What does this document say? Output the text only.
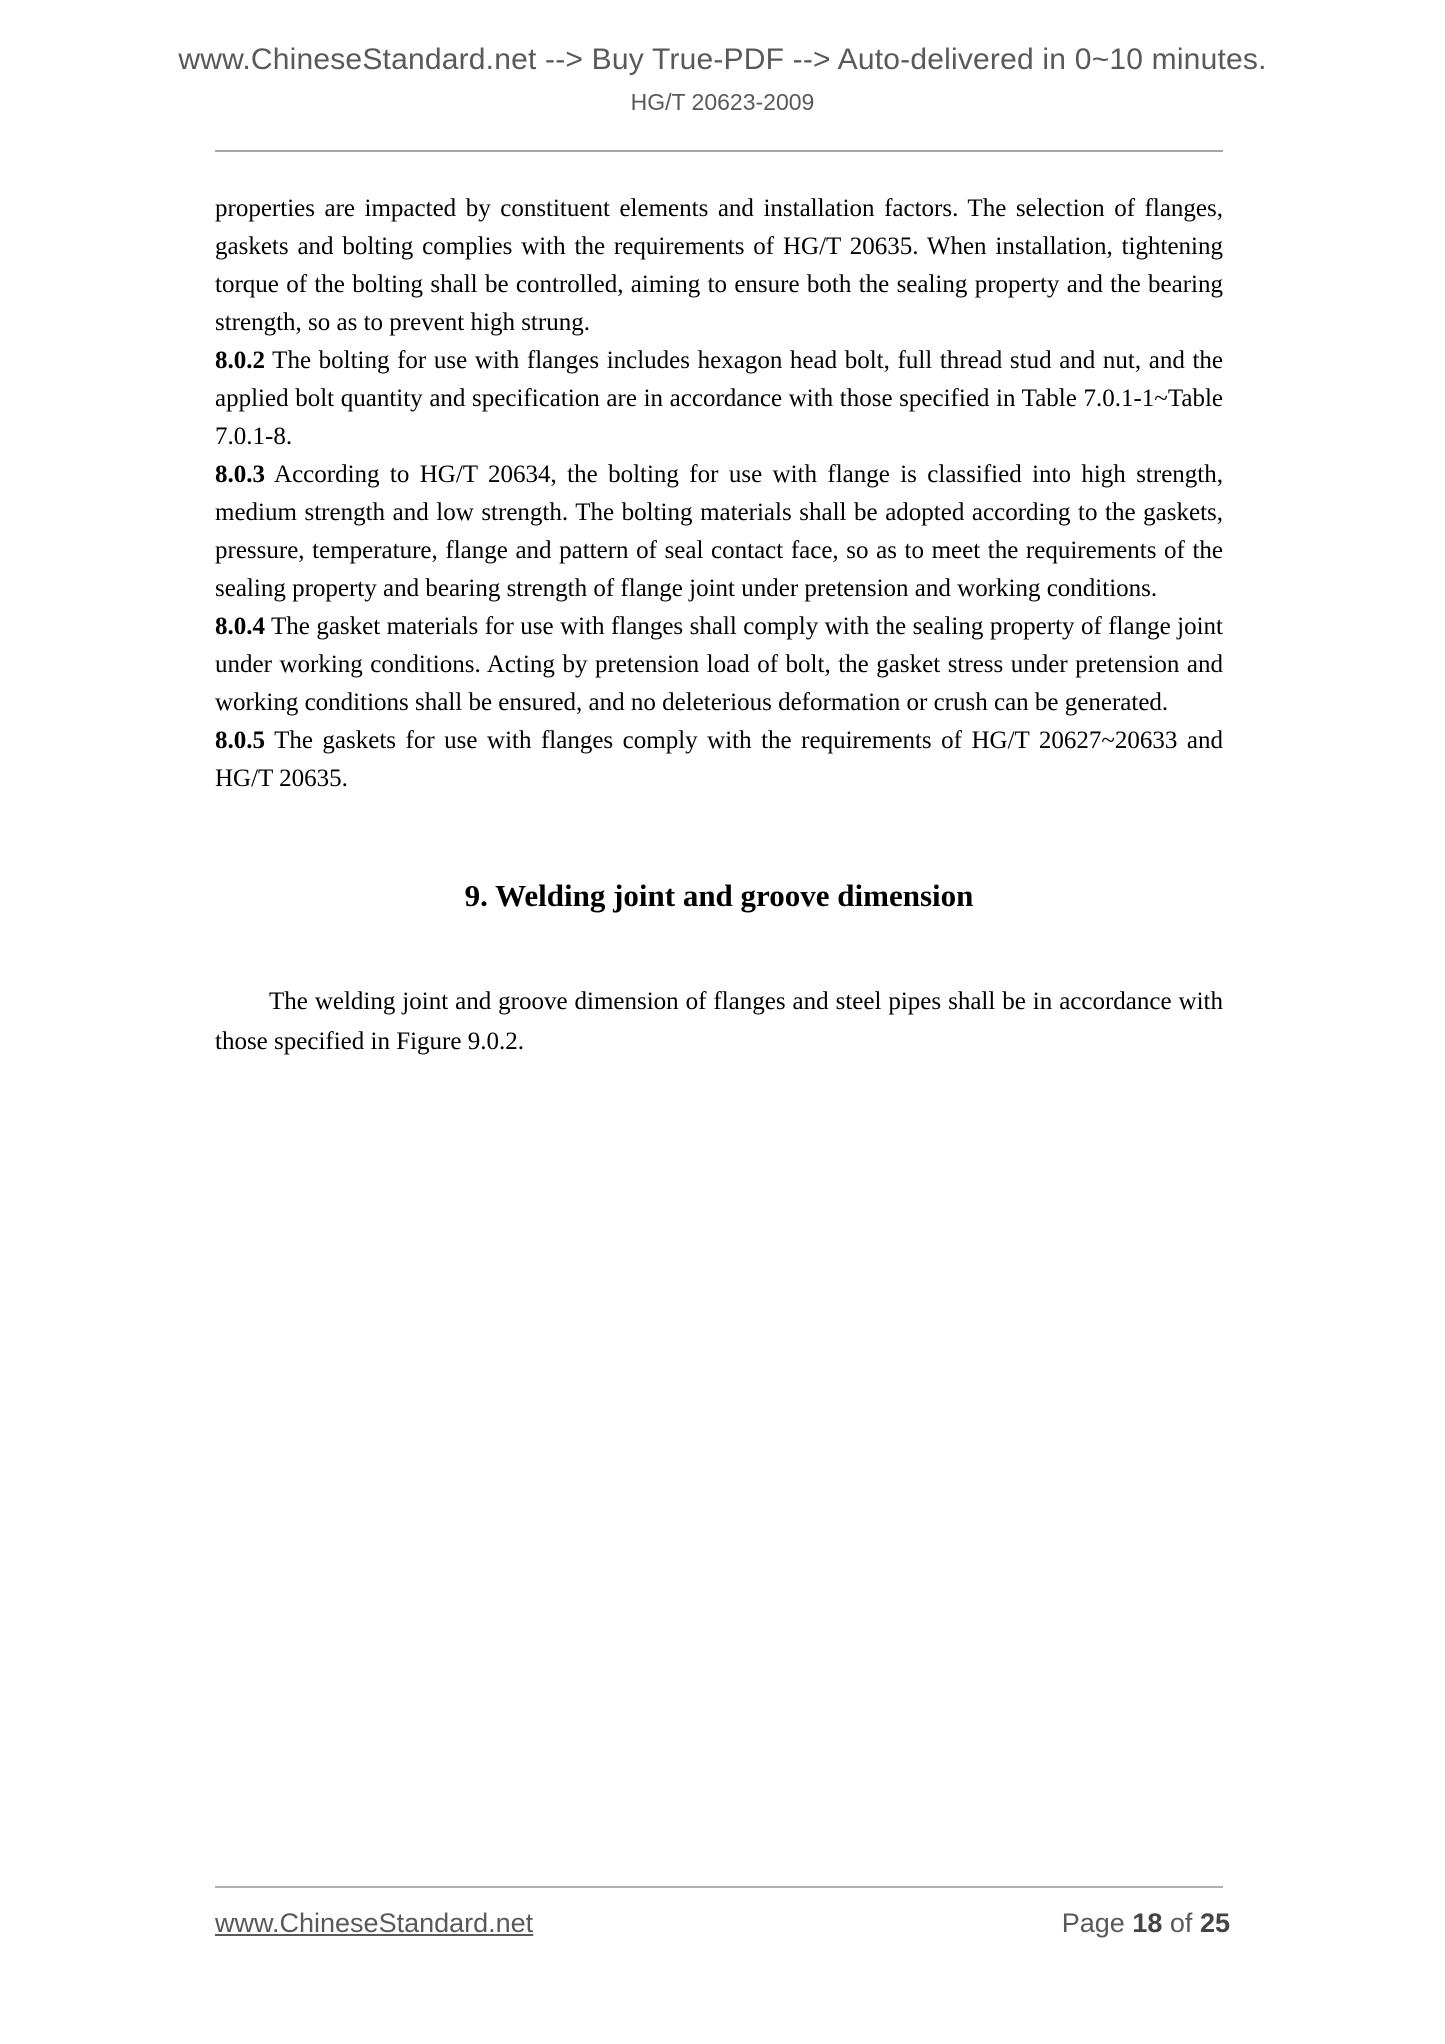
www.ChineseStandard.net --> Buy True-PDF --> Auto-delivered in 0~10 minutes.
HG/T 20623-2009

properties are impacted by constituent elements and installation factors. The selection of flanges, gaskets and bolting complies with the requirements of HG/T 20635. When installation, tightening torque of the bolting shall be controlled, aiming to ensure both the sealing property and the bearing strength, so as to prevent high strung.

8.0.2 The bolting for use with flanges includes hexagon head bolt, full thread stud and nut, and the applied bolt quantity and specification are in accordance with those specified in Table 7.0.1-1~Table 7.0.1-8.

8.0.3 According to HG/T 20634, the bolting for use with flange is classified into high strength, medium strength and low strength. The bolting materials shall be adopted according to the gaskets, pressure, temperature, flange and pattern of seal contact face, so as to meet the requirements of the sealing property and bearing strength of flange joint under pretension and working conditions.

8.0.4 The gasket materials for use with flanges shall comply with the sealing property of flange joint under working conditions. Acting by pretension load of bolt, the gasket stress under pretension and working conditions shall be ensured, and no deleterious deformation or crush can be generated.

8.0.5 The gaskets for use with flanges comply with the requirements of HG/T 20627~20633 and HG/T 20635.

9. Welding joint and groove dimension

The welding joint and groove dimension of flanges and steel pipes shall be in accordance with those specified in Figure 9.0.2.

www.ChineseStandard.net	Page 18 of 25
